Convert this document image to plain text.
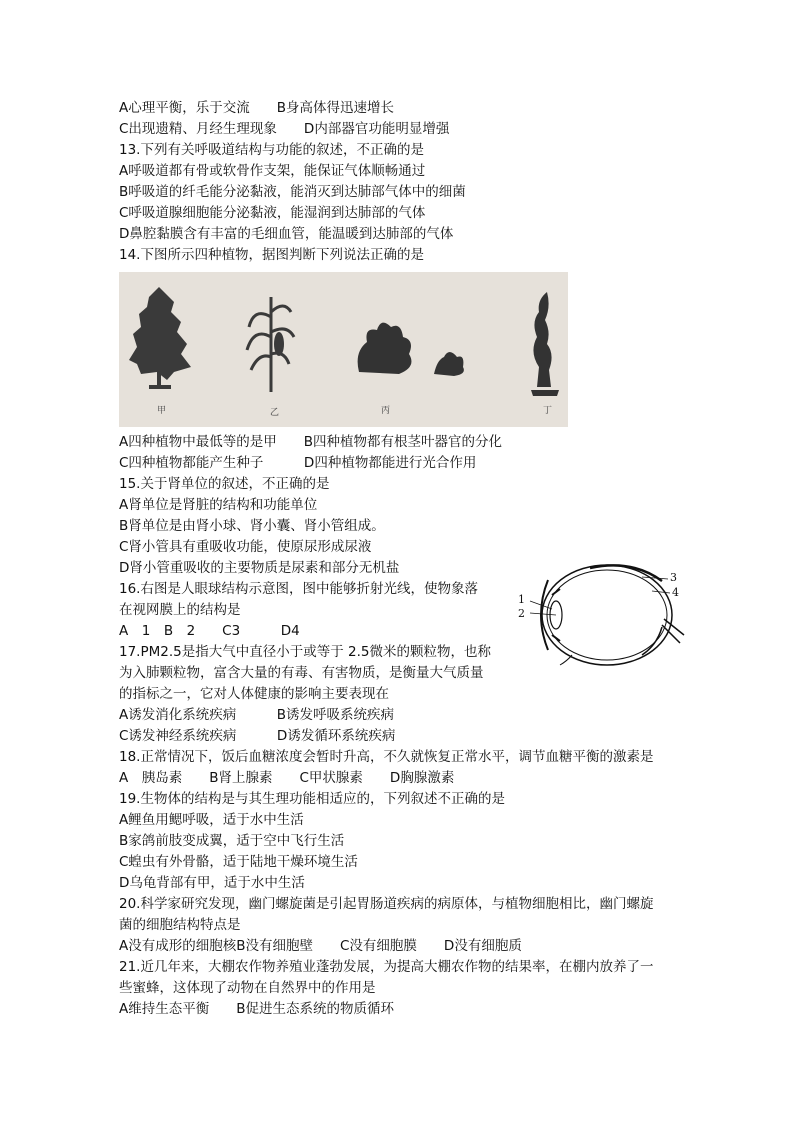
A心理平衡，乐于交流　　B身高体得迅速增长
C出现遗精、月经生理现象　　D内部器官功能明显增强
13.下列有关呼吸道结构与功能的叙述，不正确的是
A呼吸道都有骨或软骨作支架，能保证气体顺畅通过
B呼吸道的纤毛能分泌黏液，能消灭到达肺部气体中的细菌
C呼吸道腺细胞能分泌黏液，能湿润到达肺部的气体
D鼻腔黏膜含有丰富的毛细血管，能温暖到达肺部的气体
14.下图所示四种植物，据图判断下列说法正确的是
A四种植物中最低等的是甲　　B四种植物都有根茎叶器官的分化
C四种植物都能产生种子　　　D四种植物都能进行光合作用
15.关于肾单位的叙述，不正确的是
A肾单位是肾脏的结构和功能单位
B肾单位是由肾小球、肾小囊、肾小管组成。
C肾小管具有重吸收功能，使原尿形成尿液
D肾小管重吸收的主要物质是尿素和部分无机盐
16.右图是人眼球结构示意图，图中能够折射光线，使物象落
在视网膜上的结构是
A　1　B　2　　C3　　　D4
17.PM2.5是指大气中直径小于或等于 2.5微米的颗粒物，也称
为入肺颗粒物，富含大量的有毒、有害物质，是衡量大气质量
的指标之一，它对人体健康的影响主要表现在
A诱发消化系统疾病　　　B诱发呼吸系统疾病
C诱发神经系统疾病　　　D诱发循环系统疾病
18.正常情况下，饭后血糖浓度会暂时升高，不久就恢复正常水平，调节血糖平衡的激素是
A　胰岛素　　B肾上腺素　　C甲状腺素　　D胸腺激素
19.生物体的结构是与其生理功能相适应的，下列叙述不正确的是
A鲤鱼用鳃呼吸，适于水中生活
B家鸽前肢变成翼，适于空中飞行生活
C蝗虫有外骨骼，适于陆地干燥环境生活
D乌龟背部有甲，适于水中生活
20.科学家研究发现，幽门螺旋菌是引起胃肠道疾病的病原体，与植物细胞相比，幽门螺旋
菌的细胞结构特点是
A没有成形的细胞核B没有细胞壁　　C没有细胞膜　　D没有细胞质
21.近几年来，大棚农作物养殖业蓬勃发展，为提高大棚农作物的结果率，在棚内放养了一
些蜜蜂，这体现了动物在自然界中的作用是
A维持生态平衡　　B促进生态系统的物质循环
甲	乙	丙	丁
1
2
3
4
